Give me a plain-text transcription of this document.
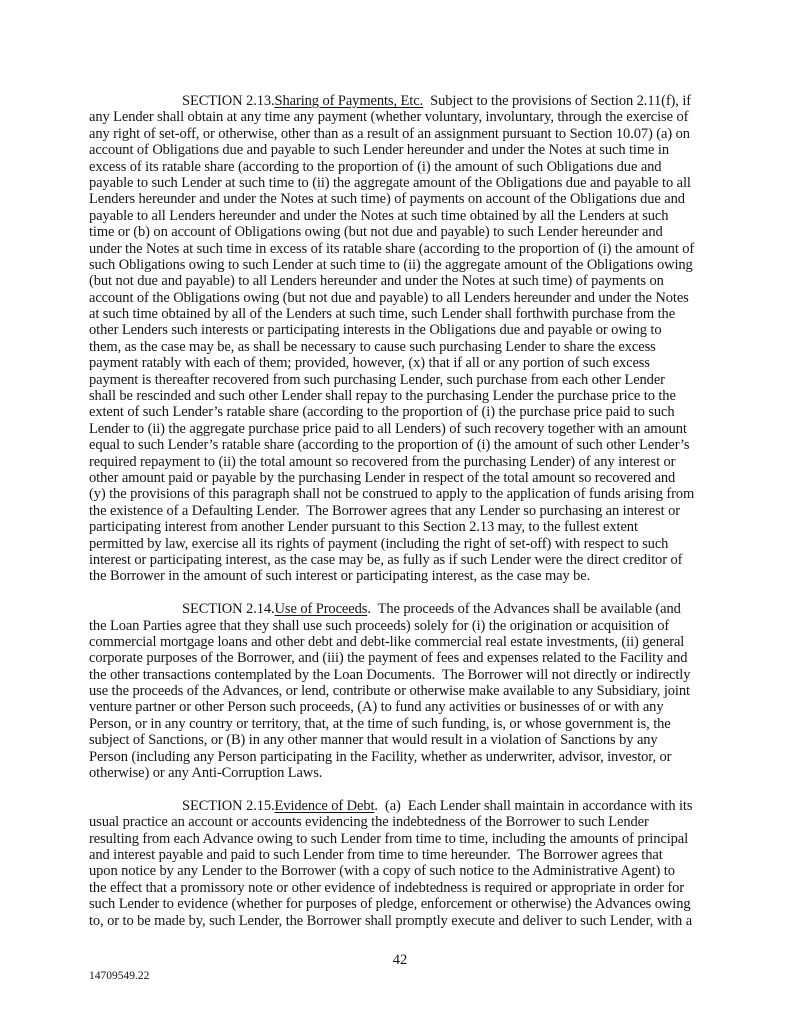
SECTION 2.13.Sharing of Payments, Etc.  Subject to the provisions of Section 2.11(f), if
any Lender shall obtain at any time any payment (whether voluntary, involuntary, through the exercise of
any right of set-off, or otherwise, other than as a result of an assignment pursuant to Section 10.07) (a) on
account of Obligations due and payable to such Lender hereunder and under the Notes at such time in
excess of its ratable share (according to the proportion of (i) the amount of such Obligations due and
payable to such Lender at such time to (ii) the aggregate amount of the Obligations due and payable to all
Lenders hereunder and under the Notes at such time) of payments on account of the Obligations due and
payable to all Lenders hereunder and under the Notes at such time obtained by all the Lenders at such
time or (b) on account of Obligations owing (but not due and payable) to such Lender hereunder and
under the Notes at such time in excess of its ratable share (according to the proportion of (i) the amount of
such Obligations owing to such Lender at such time to (ii) the aggregate amount of the Obligations owing
(but not due and payable) to all Lenders hereunder and under the Notes at such time) of payments on
account of the Obligations owing (but not due and payable) to all Lenders hereunder and under the Notes
at such time obtained by all of the Lenders at such time, such Lender shall forthwith purchase from the
other Lenders such interests or participating interests in the Obligations due and payable or owing to
them, as the case may be, as shall be necessary to cause such purchasing Lender to share the excess
payment ratably with each of them; provided, however, (x) that if all or any portion of such excess
payment is thereafter recovered from such purchasing Lender, such purchase from each other Lender
shall be rescinded and such other Lender shall repay to the purchasing Lender the purchase price to the
extent of such Lender’s ratable share (according to the proportion of (i) the purchase price paid to such
Lender to (ii) the aggregate purchase price paid to all Lenders) of such recovery together with an amount
equal to such Lender’s ratable share (according to the proportion of (i) the amount of such other Lender’s
required repayment to (ii) the total amount so recovered from the purchasing Lender) of any interest or
other amount paid or payable by the purchasing Lender in respect of the total amount so recovered and
(y) the provisions of this paragraph shall not be construed to apply to the application of funds arising from
the existence of a Defaulting Lender.  The Borrower agrees that any Lender so purchasing an interest or
participating interest from another Lender pursuant to this Section 2.13 may, to the fullest extent
permitted by law, exercise all its rights of payment (including the right of set-off) with respect to such
interest or participating interest, as the case may be, as fully as if such Lender were the direct creditor of
the Borrower in the amount of such interest or participating interest, as the case may be.
SECTION 2.14.Use of Proceeds.  The proceeds of the Advances shall be available (and
the Loan Parties agree that they shall use such proceeds) solely for (i) the origination or acquisition of
commercial mortgage loans and other debt and debt-like commercial real estate investments, (ii) general
corporate purposes of the Borrower, and (iii) the payment of fees and expenses related to the Facility and
the other transactions contemplated by the Loan Documents.  The Borrower will not directly or indirectly
use the proceeds of the Advances, or lend, contribute or otherwise make available to any Subsidiary, joint
venture partner or other Person such proceeds, (A) to fund any activities or businesses of or with any
Person, or in any country or territory, that, at the time of such funding, is, or whose government is, the
subject of Sanctions, or (B) in any other manner that would result in a violation of Sanctions by any
Person (including any Person participating in the Facility, whether as underwriter, advisor, investor, or
otherwise) or any Anti-Corruption Laws.
SECTION 2.15.Evidence of Debt.  (a)  Each Lender shall maintain in accordance with its
usual practice an account or accounts evidencing the indebtedness of the Borrower to such Lender
resulting from each Advance owing to such Lender from time to time, including the amounts of principal
and interest payable and paid to such Lender from time to time hereunder.  The Borrower agrees that
upon notice by any Lender to the Borrower (with a copy of such notice to the Administrative Agent) to
the effect that a promissory note or other evidence of indebtedness is required or appropriate in order for
such Lender to evidence (whether for purposes of pledge, enforcement or otherwise) the Advances owing
to, or to be made by, such Lender, the Borrower shall promptly execute and deliver to such Lender, with a
42
14709549.22
